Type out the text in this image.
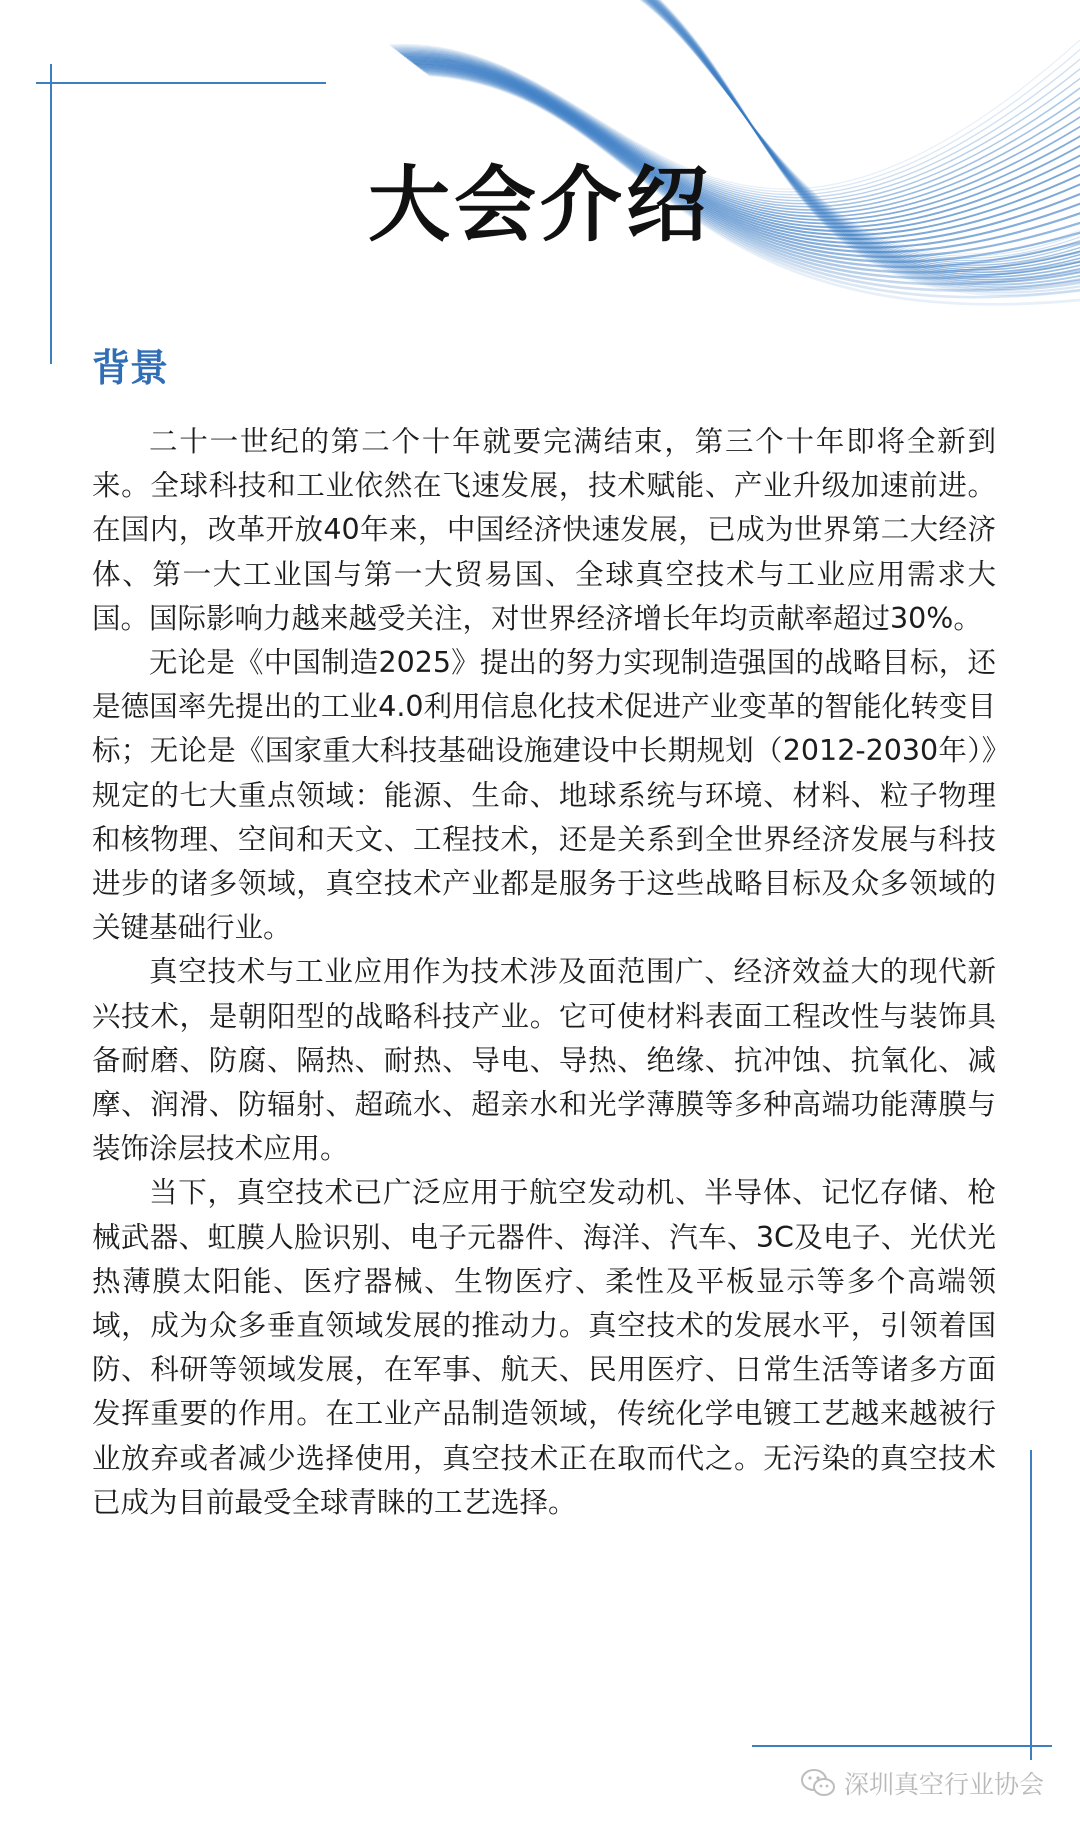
大会介绍
背景

二十一世纪的第二个十年就要完满结束，第三个十年即将全新到来。全球科技和工业依然在飞速发展，技术赋能、产业升级加速前进。在国内，改革开放40年来，中国经济快速发展，已成为世界第二大经济体、第一大工业国与第一大贸易国、全球真空技术与工业应用需求大国。国际影响力越来越受关注，对世界经济增长年均贡献率超过30%。

无论是《中国制造2025》提出的努力实现制造强国的战略目标，还是德国率先提出的工业4.0利用信息化技术促进产业变革的智能化转变目标；无论是《国家重大科技基础设施建设中长期规划（2012-2030年）》规定的七大重点领域：能源、生命、地球系统与环境、材料、粒子物理和核物理、空间和天文、工程技术，还是关系到全世界经济发展与科技进步的诸多领域，真空技术产业都是服务于这些战略目标及众多领域的关键基础行业。

真空技术与工业应用作为技术涉及面范围广、经济效益大的现代新兴技术，是朝阳型的战略科技产业。它可使材料表面工程改性与装饰具备耐磨、防腐、隔热、耐热、导电、导热、绝缘、抗冲蚀、抗氧化、减摩、润滑、防辐射、超疏水、超亲水和光学薄膜等多种高端功能薄膜与装饰涂层技术应用。

当下，真空技术已广泛应用于航空发动机、半导体、记忆存储、枪械武器、虹膜人脸识别、电子元器件、海洋、汽车、3C及电子、光伏光热薄膜太阳能、医疗器械、生物医疗、柔性及平板显示等多个高端领域，成为众多垂直领域发展的推动力。真空技术的发展水平，引领着国防、科研等领域发展，在军事、航天、民用医疗、日常生活等诸多方面发挥重要的作用。在工业产品制造领域，传统化学电镀工艺越来越被行业放弃或者减少选择使用，真空技术正在取而代之。无污染的真空技术已成为目前最受全球青睐的工艺选择。

深圳真空行业协会
